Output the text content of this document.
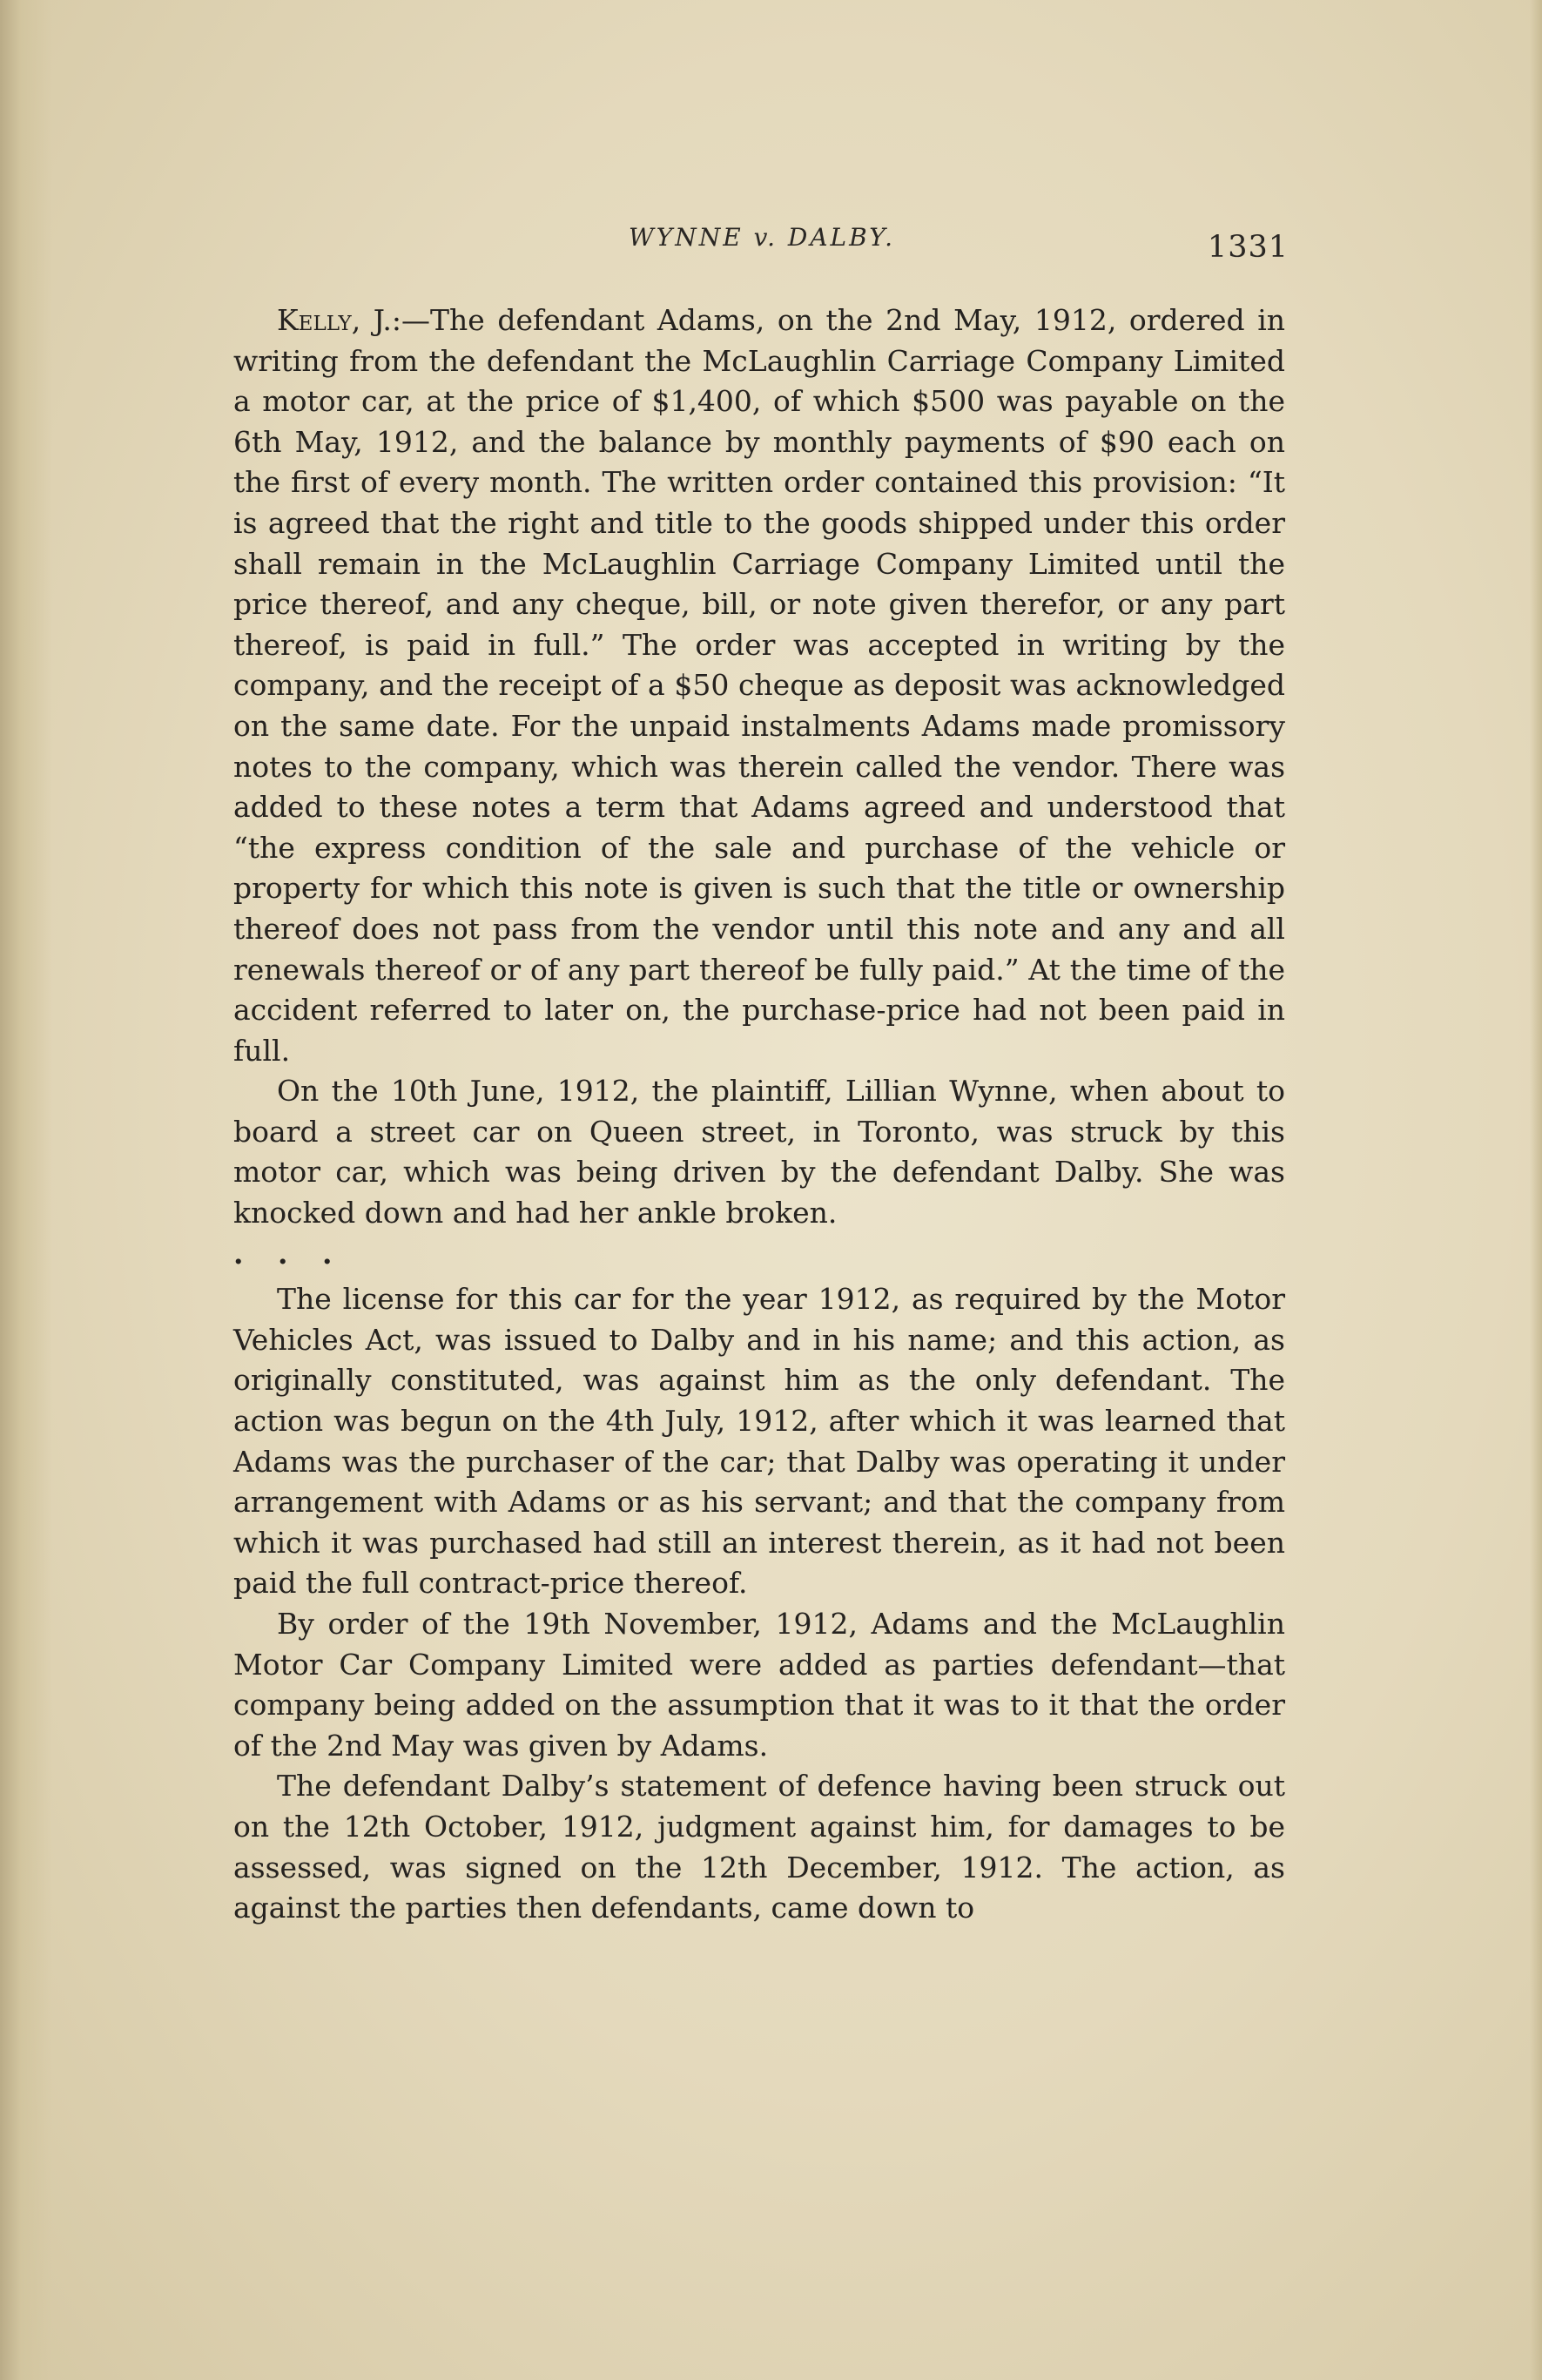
WYNNE v. DALBY.	1331

Kelly, J.:—The defendant Adams, on the 2nd May, 1912, ordered in writing from the defendant the McLaughlin Carriage Company Limited a motor car, at the price of $1,400, of which $500 was payable on the 6th May, 1912, and the balance by monthly payments of $90 each on the first of every month. The written order contained this provision: “It is agreed that the right and title to the goods shipped under this order shall remain in the McLaughlin Carriage Company Limited until the price thereof, and any cheque, bill, or note given therefor, or any part thereof, is paid in full.” The order was accepted in writing by the company, and the receipt of a $50 cheque as deposit was acknowledged on the same date. For the unpaid instalments Adams made promissory notes to the company, which was therein called the vendor. There was added to these notes a term that Adams agreed and understood that “the express condition of the sale and purchase of the vehicle or property for which this note is given is such that the title or ownership thereof does not pass from the vendor until this note and any and all renewals thereof or of any part thereof be fully paid.” At the time of the accident referred to later on, the purchase-price had not been paid in full.

On the 10th June, 1912, the plaintiff, Lillian Wynne, when about to board a street car on Queen street, in Toronto, was struck by this motor car, which was being driven by the defendant Dalby. She was knocked down and had her ankle broken.

. . .

The license for this car for the year 1912, as required by the Motor Vehicles Act, was issued to Dalby and in his name; and this action, as originally constituted, was against him as the only defendant. The action was begun on the 4th July, 1912, after which it was learned that Adams was the purchaser of the car; that Dalby was operating it under arrangement with Adams or as his servant; and that the company from which it was purchased had still an interest therein, as it had not been paid the full contract-price thereof.

By order of the 19th November, 1912, Adams and the McLaughlin Motor Car Company Limited were added as parties defendant—that company being added on the assumption that it was to it that the order of the 2nd May was given by Adams.

The defendant Dalby’s statement of defence having been struck out on the 12th October, 1912, judgment against him, for damages to be assessed, was signed on the 12th December, 1912. The action, as against the parties then defendants, came down to
